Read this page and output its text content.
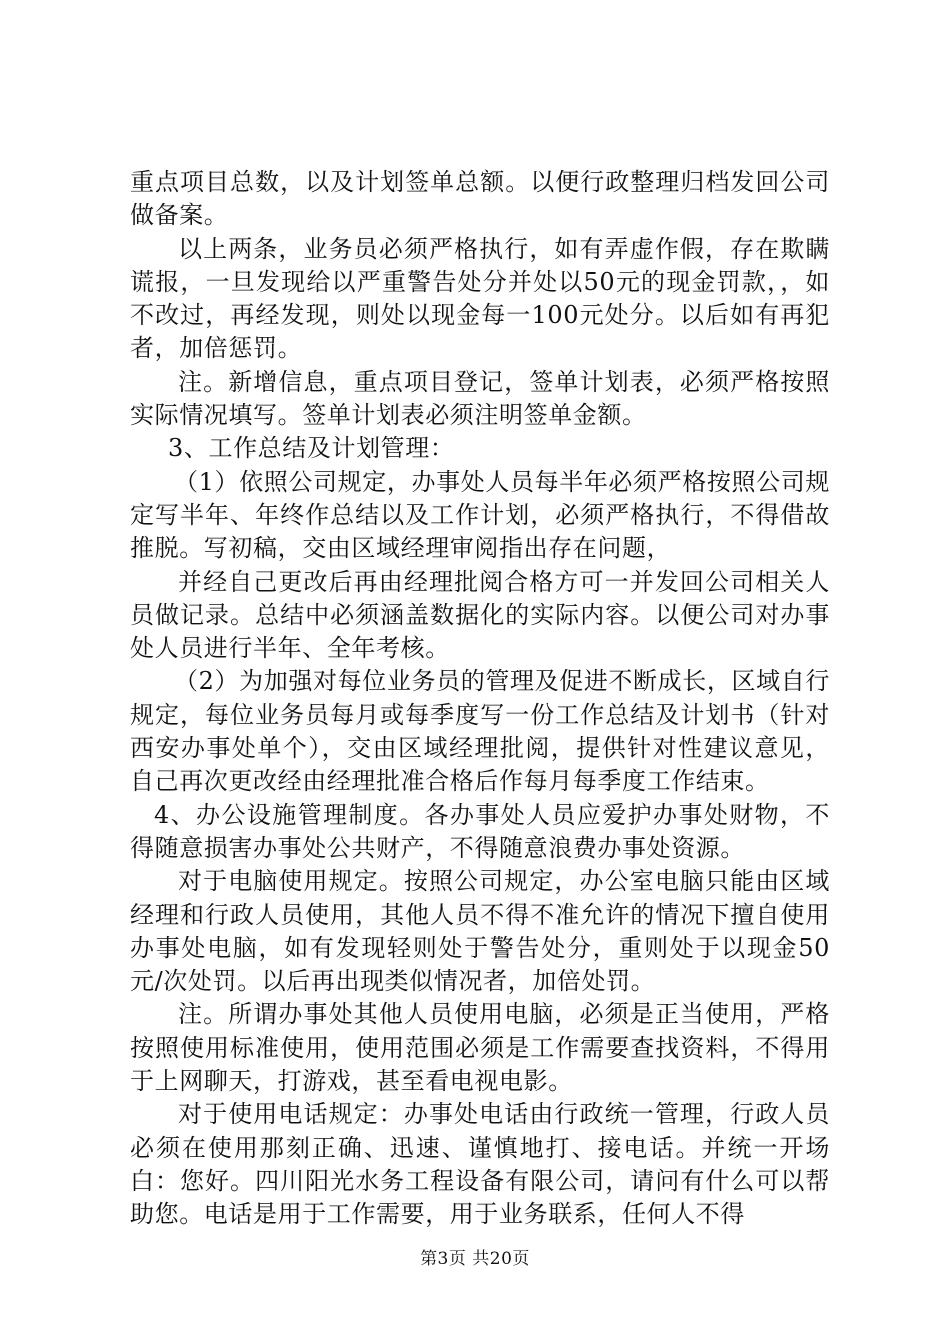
重点项目总数，以及计划签单总额。以便行政整理归档发回公司做备案。

以上两条，业务员必须严格执行，如有弄虚作假，存在欺瞒谎报，一旦发现给以严重警告处分并处以50元的现金罚款，，如不改过，再经发现，则处以现金每一100元处分。以后如有再犯者，加倍惩罚。

注。新增信息，重点项目登记，签单计划表，必须严格按照实际情况填写。签单计划表必须注明签单金额。

3、工作总结及计划管理：

（1）依照公司规定，办事处人员每半年必须严格按照公司规定写半年、年终作总结以及工作计划，必须严格执行，不得借故推脱。写初稿，交由区域经理审阅指出存在问题，

并经自己更改后再由经理批阅合格方可一并发回公司相关人员做记录。总结中必须涵盖数据化的实际内容。以便公司对办事处人员进行半年、全年考核。

（2）为加强对每位业务员的管理及促进不断成长，区域自行规定，每位业务员每月或每季度写一份工作总结及计划书（针对西安办事处单个），交由区域经理批阅，提供针对性建议意见，自己再次更改经由经理批准合格后作每月每季度工作结束。

4、办公设施管理制度。各办事处人员应爱护办事处财物，不得随意损害办事处公共财产，不得随意浪费办事处资源。

对于电脑使用规定。按照公司规定，办公室电脑只能由区域经理和行政人员使用，其他人员不得不准允许的情况下擅自使用办事处电脑，如有发现轻则处于警告处分，重则处于以现金50元/次处罚。以后再出现类似情况者，加倍处罚。

注。所谓办事处其他人员使用电脑，必须是正当使用，严格按照使用标准使用，使用范围必须是工作需要查找资料，不得用于上网聊天，打游戏，甚至看电视电影。

对于使用电话规定：办事处电话由行政统一管理，行政人员必须在使用那刻正确、迅速、谨慎地打、接电话。并统一开场白：您好。四川阳光水务工程设备有限公司，请问有什么可以帮助您。电话是用于工作需要，用于业务联系，任何人不得

第3页 共20页
